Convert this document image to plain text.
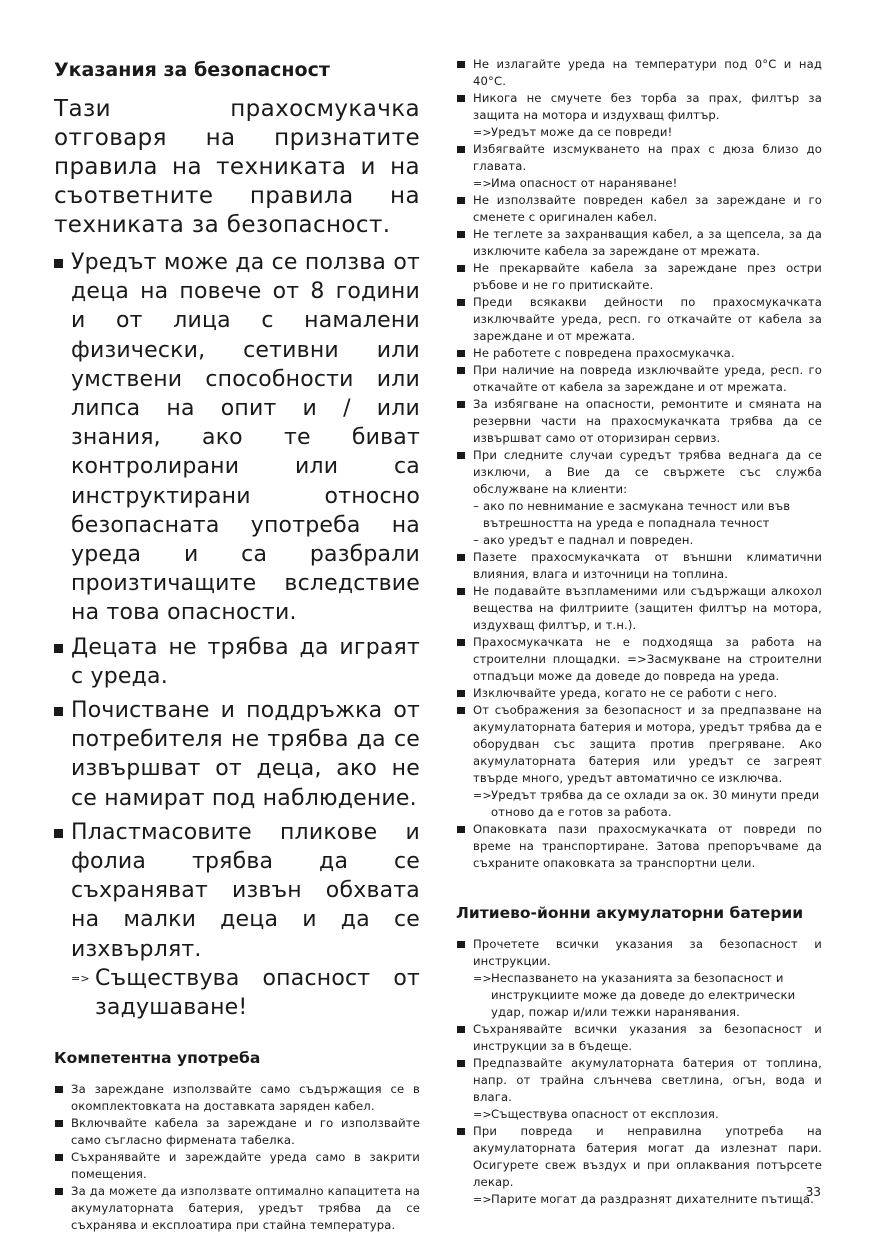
Указания за безопасност

Тази прахосмукачка отговаря на признатите правила на техниката и на съответните правила на техниката за безопасност.

Уредът може да се ползва от деца на повече от 8 години и от лица с намалени физически, сетивни или умствени способности или липса на опит и / или знания, ако те биват контролирани или са инструктирани относно безопасната употреба на уреда и са разбрали произтичащите вследствие на това опасности.
Децата не трябва да играят с уреда.
Почистване и поддръжка от потребителя не трябва да се извършват от деца, ако не се намират под наблюдение.
Пластмасовите пликове и фолиа трябва да се съхраняват извън обхвата на малки деца и да се изхвърлят.
=> Съществува опасност от задушаване!
Компетентна употреба
За зареждане използвайте само съдържащия се в окомплектовката на доставката заряден кабел.
Включвайте кабела за зареждане и го използвайте само съгласно фирмената табелка.
Съхранявайте и зареждайте уреда само в закрити помещения.
За да можете да използвате оптимално капацитета на акумулаторната батерия, уредът трябва да се съхранява и експлоатира при стайна температура.
Не излагайте уреда на температури под 0°C и над 40°C.
Никога не смучете без торба за прах, филтър за защита на мотора и издухващ филтър.
=> Уредът може да се повреди!
Избягвайте изсмукването на прах с дюза близо до главата.
=> Има опасност от нараняване!
Не използвайте повреден кабел за зареждане и го сменете с оригинален кабел.
Не теглете за захранващия кабел, а за щепсела, за да изключите кабела за зареждане от мрежата.
Не прекарвайте кабела за зареждане през остри ръбове и не го притискайте.
Преди всякакви дейности по прахосмукачката изключвайте уреда, респ. го откачайте от кабела за зареждане и от мрежата.
Не работете с повредена прахосмукачка.
При наличие на повреда изключвайте уреда, респ. го откачайте от кабела за зареждане и от мрежата.
За избягване на опасности, ремонтите и смяната на резервни части на прахосмукачката трябва да се извършват само от оторизиран сервиз.
При следните случаи суредът трябва веднага да се изключи, а Вие да се свържете със служба обслужване на клиенти:
– ако по невнимание е засмукана течност или във вътрешността на уреда е попаднала течност
– ако уредът е паднал и повреден.
Пазете прахосмукачката от външни климатични влияния, влага и източници на топлина.
Не подавайте възпламеними или съдържащи алкохол вещества на филтриите (защитен филтър на мотора, издухващ филтър, и т.н.).
Прахосмукачката не е подходяща за работа на строителни площадки. =>Засмукване на строителни отпадъци може да доведе до повреда на уреда.
Изключвайте уреда, когато не се работи с него.
От съображения за безопасност и за предпазване на акумулаторната батерия и мотора, уредът трябва да е оборудван със защита против прегряване. Ако акумулаторната батерия или уредът се загреят твърде много, уредът автоматично се изключва.
=> Уредът трябва да се охлади за ок. 30 минути преди отново да е готов за работа.
Опаковката пази прахосмукачката от повреди по време на транспортиране. Затова препоръчваме да съхраните опаковката за транспортни цели.
Литиево-йонни акумулаторни батерии
Прочетете всички указания за безопасност и инструкции.
=> Неспазването на указанията за безопасност и инструкциите може да доведе до електрически удар, пожар и/или тежки наранявания.
Съхранявайте всички указания за безопасност и инструкции за в бъдеще.
Предпазвайте акумулаторната батерия от топлина, напр. от трайна слънчева светлина, огън, вода и влага.
=> Съществува опасност от експлозия.
При повреда и неправилна употреба на акумулаторната батерия могат да излезнат пари. Осигурете свеж въздух и при оплаквания потърсете лекар.
=> Парите могат да раздразнят дихателните пътища.
33
